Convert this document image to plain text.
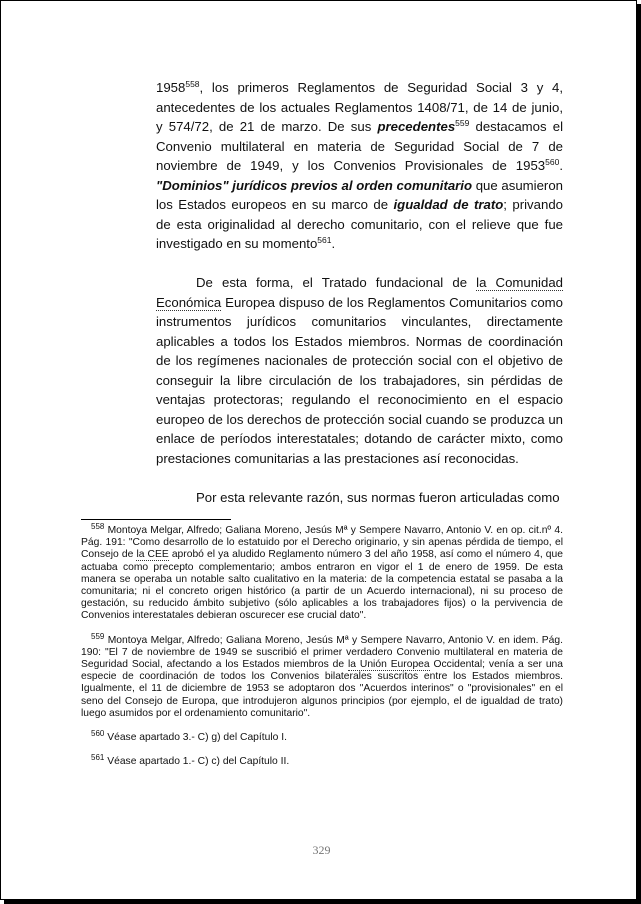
1958$^{558}$, los primeros Reglamentos de Seguridad Social 3 y 4, antecedentes de los actuales Reglamentos 1408/71, de 14 de junio, y 574/72, de 21 de marzo. De sus precedentes$^{559}$ destacamos el Convenio multilateral en materia de Seguridad Social de 7 de noviembre de 1949, y los Convenios Provisionales de 1953$^{560}$. "Dominios" jurídicos previos al orden comunitario que asumieron los Estados europeos en su marco de igualdad de trato; privando de esta originalidad al derecho comunitario, con el relieve que fue investigado en su momento$^{561}$.

De esta forma, el Tratado fundacional de la Comunidad Económica Europea dispuso de los Reglamentos Comunitarios como instrumentos jurídicos comunitarios vinculantes, directamente aplicables a todos los Estados miembros. Normas de coordinación de los regímenes nacionales de protección social con el objetivo de conseguir la libre circulación de los trabajadores, sin pérdidas de ventajas protectoras; regulando el reconocimiento en el espacio europeo de los derechos de protección social cuando se produzca un enlace de períodos interestatales; dotando de carácter mixto, como prestaciones comunitarias a las prestaciones así reconocidas.

Por esta relevante razón, sus normas fueron articuladas como

$^{558}$ Montoya Melgar, Alfredo; Galiana Moreno, Jesús Mª y Sempere Navarro, Antonio V. en op. cit.nº 4. Pág. 191: "Como desarrollo de lo estatuido por el Derecho originario, y sin apenas pérdida de tiempo, el Consejo de la CEE aprobó el ya aludido Reglamento número 3 del año 1958, así como el número 4, que actuaba como precepto complementario; ambos entraron en vigor el 1 de enero de 1959. De esta manera se operaba un notable salto cualitativo en la materia: de la competencia estatal se pasaba a la comunitaria; ni el concreto origen histórico (a partir de un Acuerdo internacional), ni su proceso de gestación, su reducido ámbito subjetivo (sólo aplicables a los trabajadores fijos) o la pervivencia de Convenios interestatales debieran oscurecer ese crucial dato".

$^{559}$ Montoya Melgar, Alfredo; Galiana Moreno, Jesús Mª y Sempere Navarro, Antonio V. en idem. Pág. 190: "El 7 de noviembre de 1949 se suscribió el primer verdadero Convenio multilateral en materia de Seguridad Social, afectando a los Estados miembros de la Unión Europea Occidental; venía a ser una especie de coordinación de todos los Convenios bilaterales suscritos entre los Estados miembros. Igualmente, el 11 de diciembre de 1953 se adoptaron dos "Acuerdos interinos" o "provisionales" en el seno del Consejo de Europa, que introdujeron algunos principios (por ejemplo, el de igualdad de trato) luego asumidos por el ordenamiento comunitario".

$^{560}$ Véase apartado 3.- C) g) del Capítulo I.

$^{561}$ Véase apartado 1.- C) c) del Capítulo II.

329
